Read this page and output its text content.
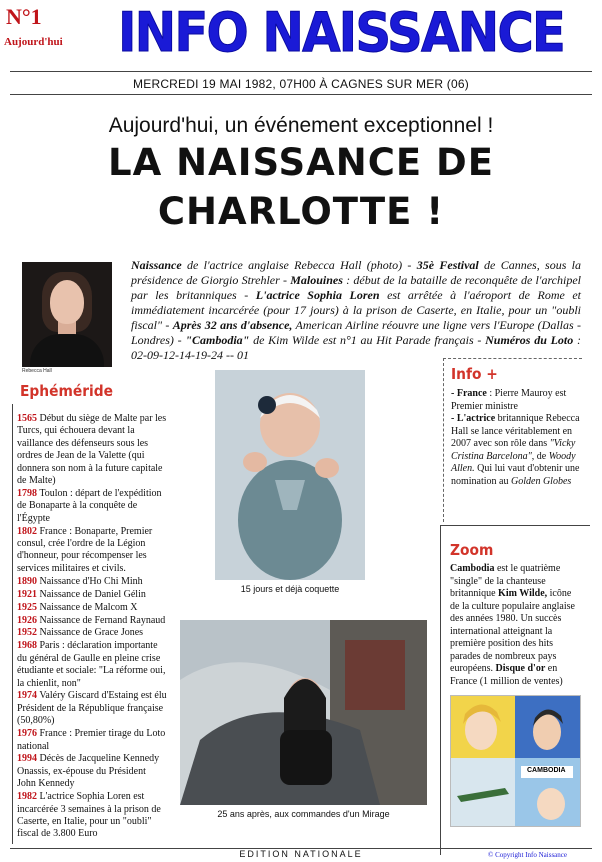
N°1
Aujourd'hui INFO NAISSANCE
MERCREDI 19 MAI 1982, 07H00 À CAGNES SUR MER (06)
Aujourd'hui, un événement exceptionnel !
LA NAISSANCE DE
CHARLOTTE !
Rebecca Hall
Naissance de l'actrice anglaise Rebecca Hall (photo) - 35è Festival de Cannes, sous la présidence de Giorgio Strehler - Malouines : début de la bataille de reconquête de l'archipel par les britanniques - L'actrice Sophia Loren est arrêtée à l'aéroport de Rome et immédiatement incarcérée (pour 17 jours) à la prison de Caserte, en Italie, pour un "oubli fiscal" - Après 32 ans d'absence, American Airline réouvre une ligne vers l'Europe (Dallas - Londres) - "Cambodia" de Kim Wilde est n°1 au Hit Parade français - Numéros du Loto : 02-09-12-14-19-24 -- 01
Ephéméride

1565 Début du siège de Malte par les Turcs, qui échouera devant la vaillance des défenseurs sous les ordres de Jean de la Valette (qui donnera son nom à la future capitale de Malte)

1798 Toulon : départ de l'expédition de Bonaparte à la conquête de l'Égypte

1802 France : Bonaparte, Premier consul, crée l'ordre de la Légion d'honneur, pour récompenser les services militaires et civils.

1890 Naissance d'Ho Chi Minh

1921 Naissance de Daniel Gélin

1925 Naissance de Malcom X

1926 Naissance de Fernand Raynaud

1952 Naissance de Grace Jones

1968 Paris : déclaration importante du général de Gaulle en pleine crise étudiante et sociale: "La réforme oui, la chienlit, non"

1974 Valéry Giscard d'Estaing est élu Président de la République française (50,80%)

1976 France : Premier tirage du Loto national

1994 Décès de Jacqueline Kennedy Onassis, ex-épouse du Président John Kennedy

1982 L'actrice Sophia Loren est incarcérée 3 semaines à la prison de Caserte, en Italie, pour un "oubli" fiscal de 3.800 Euro

15 jours et déjà coquette
25 ans après, aux commandes d'un Mirage
Info +
- France : Pierre Mauroy est Premier ministre
- L'actrice britannique Rebecca Hall se lance véritablement en 2007 avec son rôle dans "Vicky Cristina Barcelona", de Woody Allen. Qui lui vaut d'obtenir une nomination au Golden Globes
Zoom
Cambodia est le quatrième "single" de la chanteuse britannique Kim Wilde, icône de la culture populaire anglaise des années 1980. Un succès international atteignant la première position des hits parades de nombreux pays européens. Disque d'or en France (1 million de ventes)
CAMBODIA
EDITION NATIONALE	© Copyright Info Naissance
